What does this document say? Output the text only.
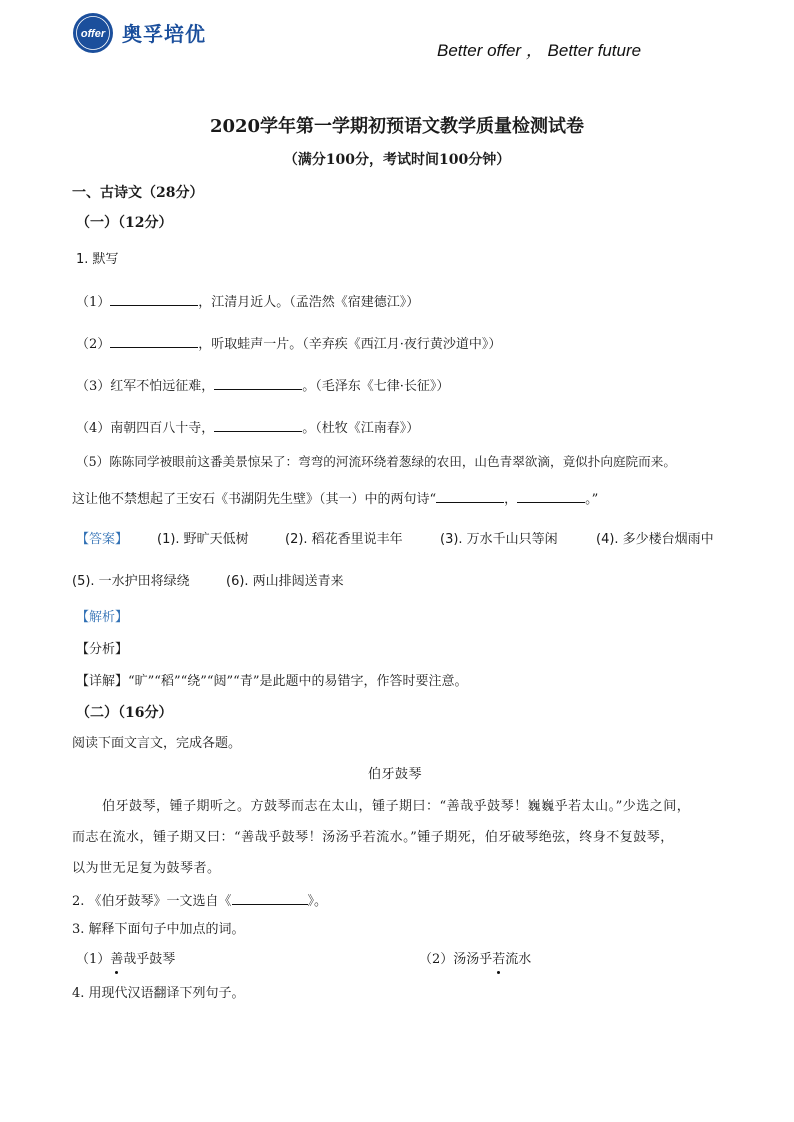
offer 奥孚培优
Better offer ， Better future
2020学年第一学期初预语文教学质量检测试卷
（满分100分，考试时间100分钟）
一、古诗文（28分）
（一）（12分）
1. 默写
（1）	，江清月近人。（孟浩然《宿建德江》）
（2）	，听取蛙声一片。（辛弃疾《西江月·夜行黄沙道中》）
（3）红军不怕远征难，	。（毛泽东《七律·长征》）
（4）南朝四百八十寺，	。（杜牧《江南春》）
（5）陈陈同学被眼前这番美景惊呆了：弯弯的河流环绕着葱绿的农田，山色青翠欲滴，竟似扑向庭院而来。
这让他不禁想起了王安石《书湖阴先生壁》（其一）中的两句诗“	，	。”
【答案】 (1). 野旷天低树	(2). 稻花香里说丰年	(3). 万水千山只等闲	(4). 多少楼台烟雨中
(5). 一水护田将绿绕	(6). 两山排闼送青来
【解析】
【分析】
【详解】“旷”“稻”“绕”“闼”“青”是此题中的易错字，作答时要注意。
（二）（16分）
阅读下面文言文，完成各题。
伯牙鼓琴
伯牙鼓琴，锺子期听之。方鼓琴而志在太山，锺子期曰：“善哉乎鼓琴！巍巍乎若太山。”少选之间，
而志在流水，锺子期又曰：“善哉乎鼓琴！汤汤乎若流水。”锺子期死，伯牙破琴绝弦，终身不复鼓琴，
以为世无足复为鼓琴者。
2. 《伯牙鼓琴》一文选自《	》。
3. 解释下面句子中加点的词。
（1）善哉乎鼓琴	（2）汤汤乎若流水
4. 用现代汉语翻译下列句子。
